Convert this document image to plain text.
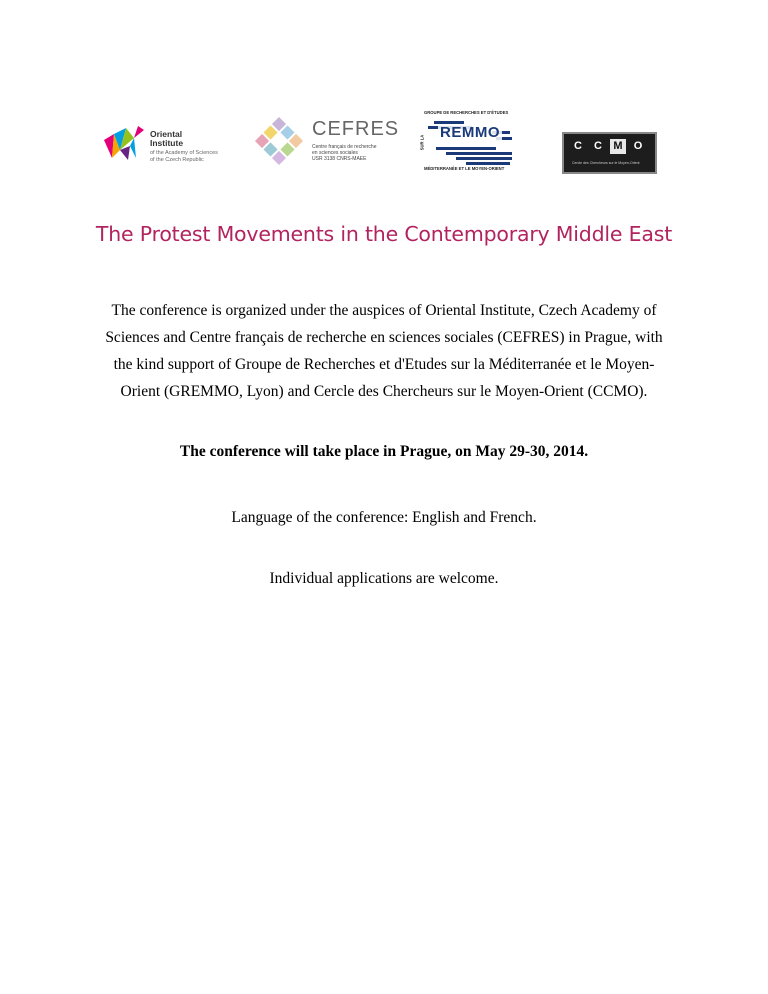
Oriental
Institute
of the Academy of Sciences
of the Czech Republic
CEFRES
Centre français de recherche
en sciences sociales
USR 3138 CNRS-MAEE
GROUPE DE RECHERCHES ET D'ÉTUDES
REMMO
SUR LA
MÉDITERRANÉE ET LE MOYEN-ORIENT
C	C	M	O
Cercle des Chercheurs sur le Moyen-Orient
The Protest Movements in the Contemporary Middle East
The conference is organized under the auspices of Oriental Institute, Czech Academy of Sciences and Centre français de recherche en sciences sociales (CEFRES) in Prague, with the kind support of Groupe de Recherches et d'Etudes sur la Méditerranée et le Moyen-Orient (GREMMO, Lyon) and Cercle des Chercheurs sur le Moyen-Orient (CCMO).
The conference will take place in Prague, on May 29-30, 2014.
Language of the conference: English and French.
Individual applications are welcome.
